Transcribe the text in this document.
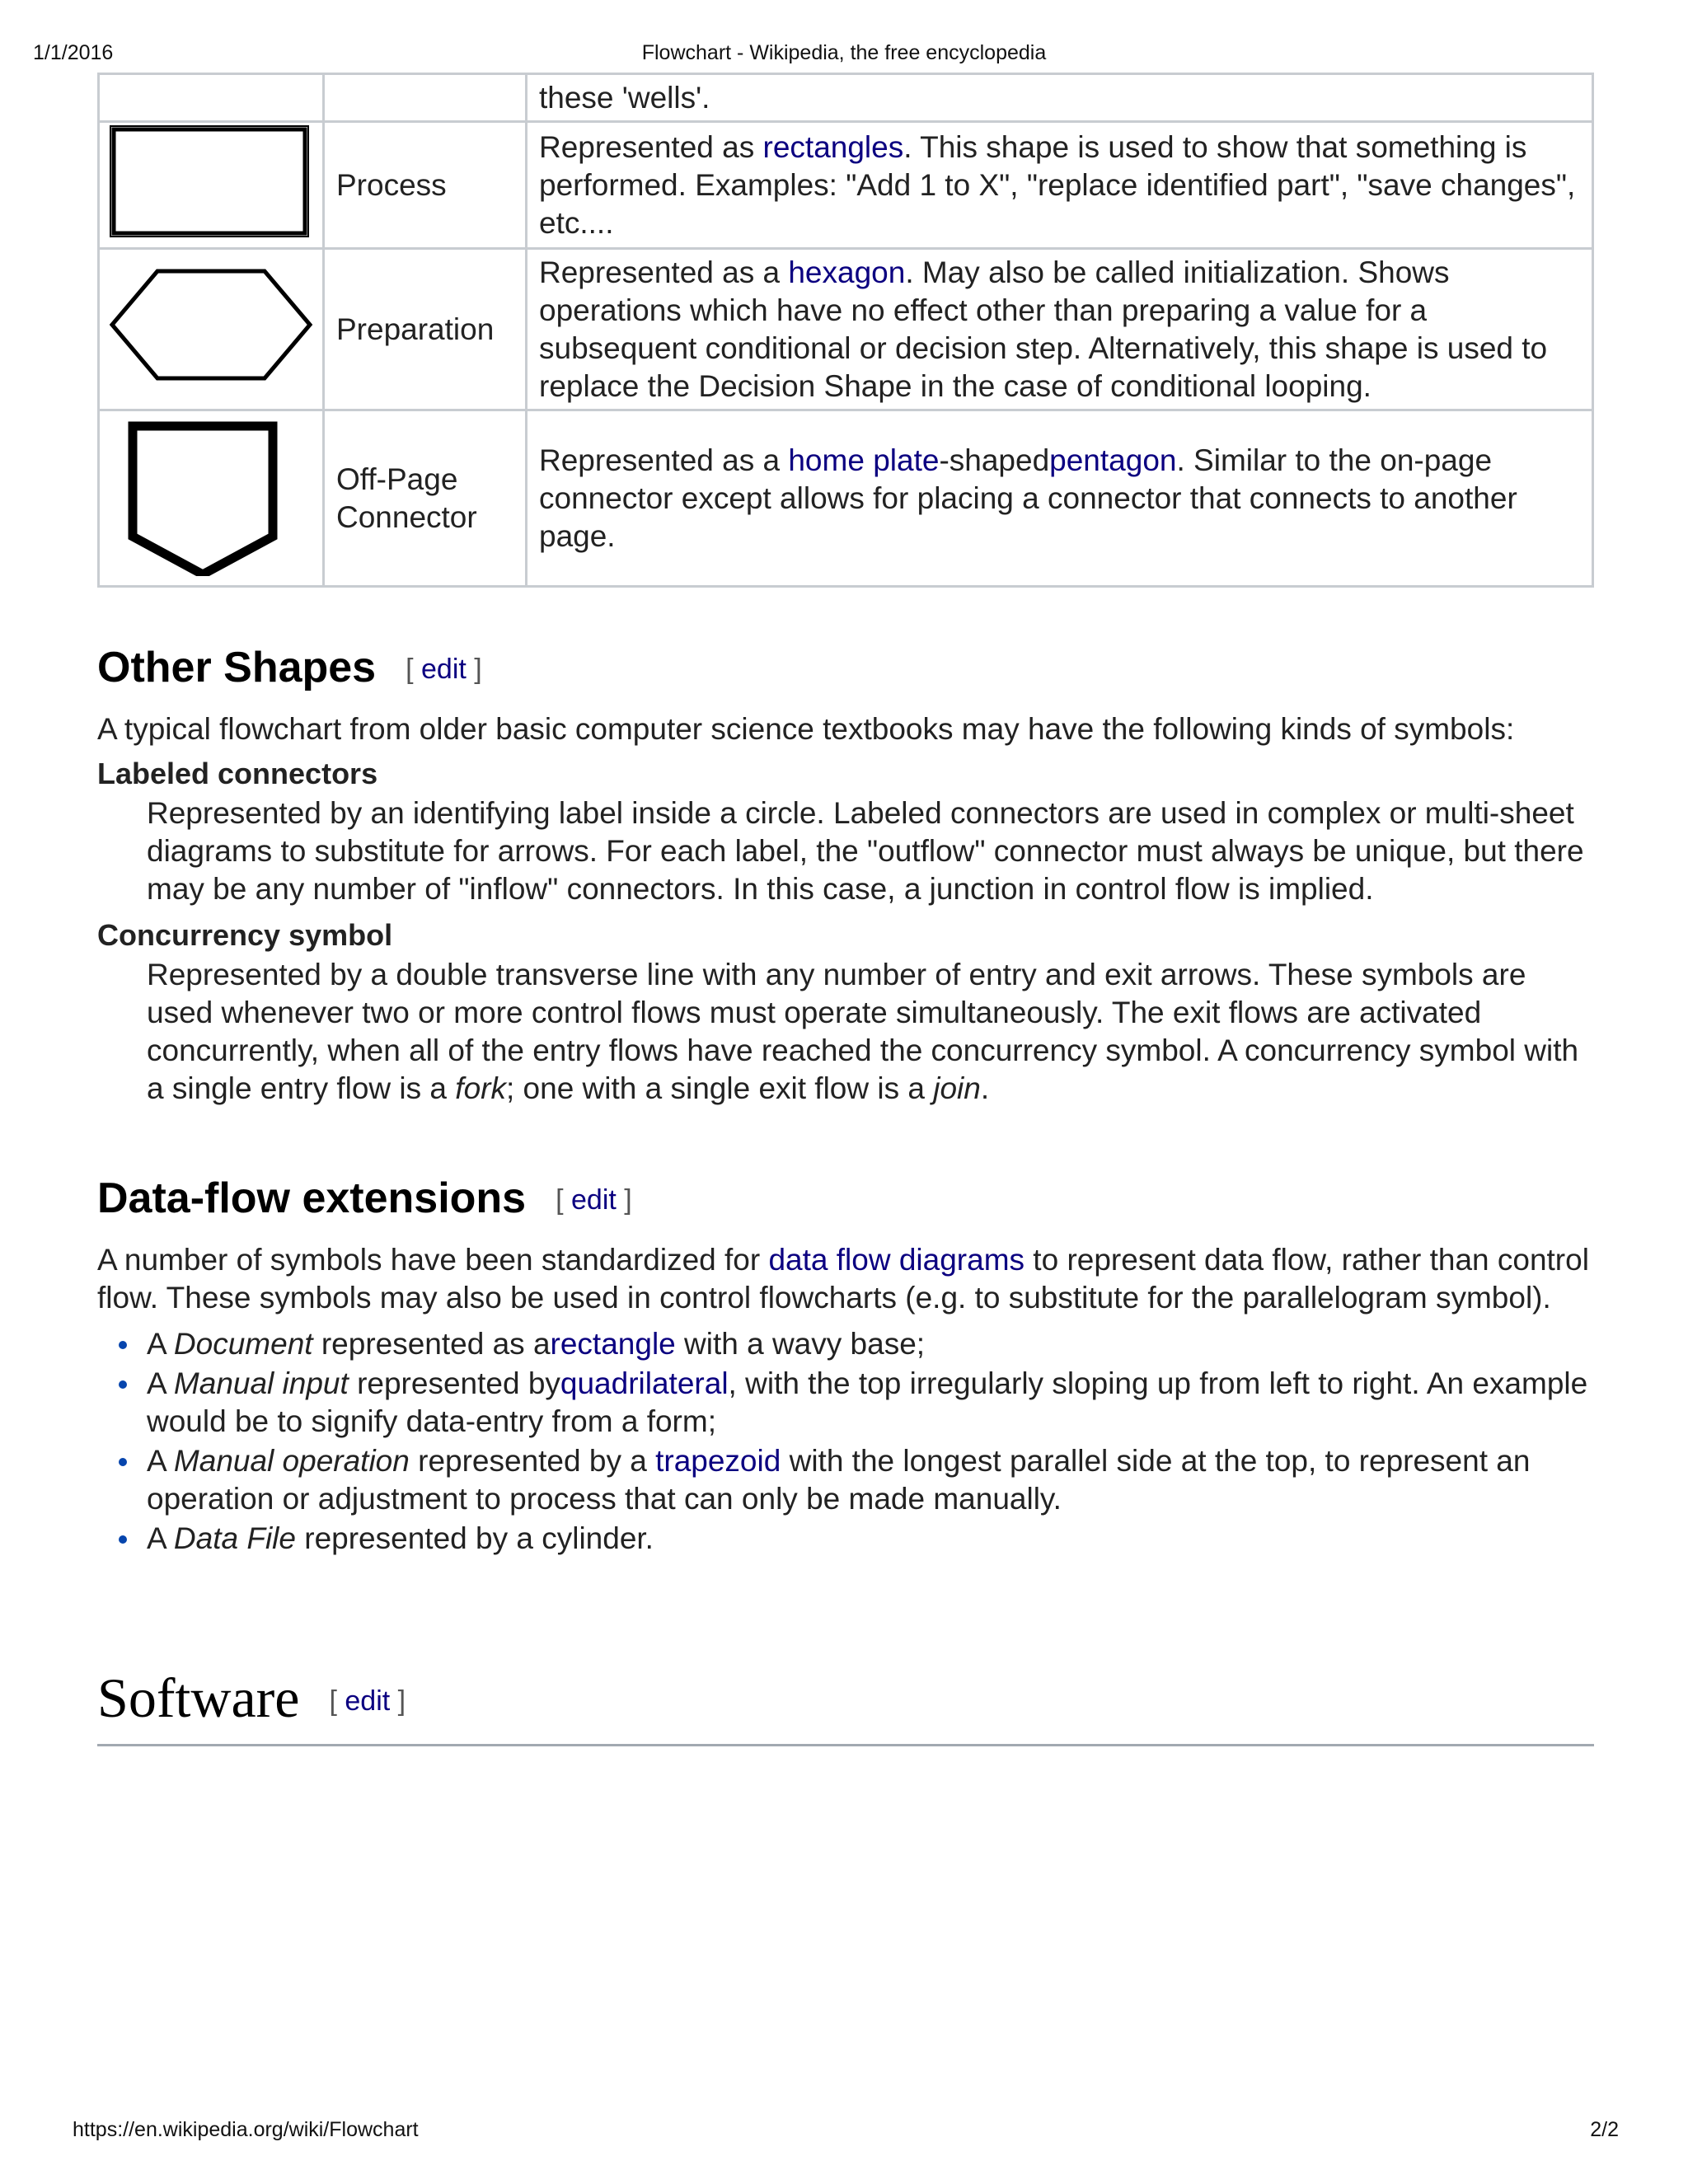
1/1/2016	Flowchart - Wikipedia, the free encyclopedia
		these 'wells'.
	Process	Represented as rectangles. This shape is used to show that something is performed. Examples: "Add 1 to X", "replace identified part", "save changes", etc....
	Preparation	Represented as a hexagon. May also be called initialization. Shows operations which have no effect other than preparing a value for a subsequent conditional or decision step. Alternatively, this shape is used to replace the Decision Shape in the case of conditional looping.
	Off-Page Connector	Represented as a home plate-shapedpentagon. Similar to the on-page connector except allows for placing a connector that connects to another page.
Other Shapes [ edit ]

A typical flowchart from older basic computer science textbooks may have the following kinds of symbols:

Labeled connectors
Represented by an identifying label inside a circle. Labeled connectors are used in complex or multi-sheet diagrams to substitute for arrows. For each label, the "outflow" connector must always be unique, but there may be any number of "inflow" connectors. In this case, a junction in control flow is implied.
Concurrency symbol
Represented by a double transverse line with any number of entry and exit arrows. These symbols are used whenever two or more control flows must operate simultaneously. The exit flows are activated concurrently, when all of the entry flows have reached the concurrency symbol. A concurrency symbol with a single entry flow is a fork; one with a single exit flow is a join.
Data-flow extensions [ edit ]

A number of symbols have been standardized for data flow diagrams to represent data flow, rather than control flow. These symbols may also be used in control flowcharts (e.g. to substitute for the parallelogram symbol).

A Document represented as arectangle with a wavy base;
A Manual input represented byquadrilateral, with the top irregularly sloping up from left to right. An example would be to signify data-entry from a form;
A Manual operation represented by a trapezoid with the longest parallel side at the top, to represent an operation or adjustment to process that can only be made manually.
A Data File represented by a cylinder.
Software [ edit ]
https://en.wikipedia.org/wiki/Flowchart	2/2
